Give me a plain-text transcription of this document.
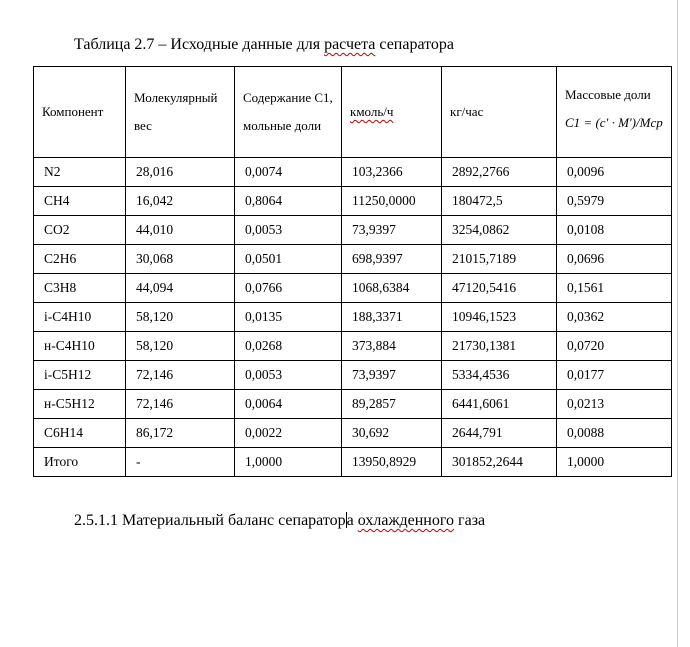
Таблица 2.7 – Исходные данные для расчета сепаратора
Компонент	Молекулярный вес	Содержание C1, мольные доли	кмоль/ч	кг/час	Массовые доли
C1 = (c' · M')/Mср

N2	28,016	0,0074	103,2366	2892,2766	0,0096
CH4	16,042	0,8064	11250,0000	180472,5	0,5979
CO2	44,010	0,0053	73,9397	3254,0862	0,0108
C2H6	30,068	0,0501	698,9397	21015,7189	0,0696
C3H8	44,094	0,0766	1068,6384	47120,5416	0,1561
i-C4H10	58,120	0,0135	188,3371	10946,1523	0,0362
н-C4H10	58,120	0,0268	373,884	21730,1381	0,0720
i-C5H12	72,146	0,0053	73,9397	5334,4536	0,0177
н-C5H12	72,146	0,0064	89,2857	6441,6061	0,0213
C6H14	86,172	0,0022	30,692	2644,791	0,0088
Итого	-	1,0000	13950,8929	301852,2644	1,0000
2.5.1.1 Материальный баланс сепаратора охлажденного газа
